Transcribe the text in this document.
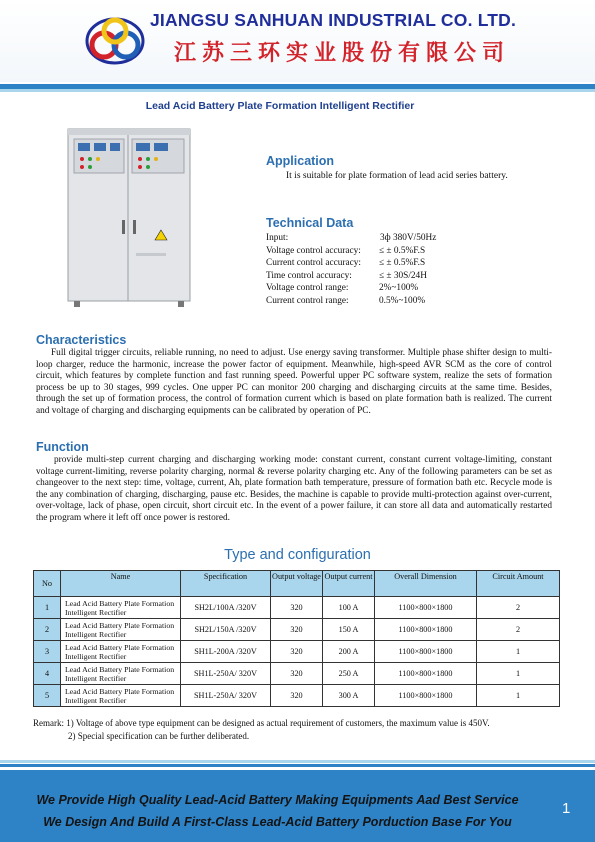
JIANGSU SANHUAN INDUSTRIAL CO. LTD.
江苏三环实业股份有限公司
Lead Acid Battery Plate Formation Intelligent Rectifier
Application
It is suitable for plate formation of lead acid series battery.
Technical Data
Input:	3ф 380V/50Hz
Voltage control accuracy: ≤ ± 0.5%F.S
Current control accuracy: ≤ ± 0.5%F.S
Time control accuracy:	≤ ± 30S/24H
Voltage control range:	2%~100%
Current control range:	0.5%~100%
Characteristics
Full digital trigger circuits, reliable running, no need to adjust. Use energy saving transformer. Multiple phase shifter design to multi-loop charger, reduce the harmonic, increase the power factor of equipment. Meanwhile, high-speed AVR SCM as the core of control circuit, which features by complete function and fast running speed. Powerful upper PC software system, realize the sets of formation process be up to 30 stages, 999 cycles. One upper PC can monitor 200 charging and discharging circuits at the same time. Besides, through the set up of formation process, the control of formation current which is based on plate formation bath is realized. The current and voltage of charging and discharging equipments can be calibrated by operation of PC.
Function
provide multi-step current charging and discharging working mode: constant current, constant current voltage-limiting, constant voltage current-limiting, reverse polarity charging, normal & reverse polarity charging etc. Any of the following parameters can be set as changeover to the next step: time, voltage, current, Ah, plate formation bath temperature, pressure of formation bath etc. Recycle mode is the any combination of charging, discharging, pause etc. Besides, the machine is capable to provide multi-protection against over-current, over-voltage, lack of phase, open circuit, short circuit etc. In the event of a power failure, it can store all data and automatically restarted the program where it left off once power is restored.
Type and configuration
No	Name	Specification	Output voltage	Output current	Overall Dimension	Circuit Amount
1	Lead Acid Battery Plate Formation Intelligent Rectifier	SH2L/100A /320V	320	100 A	1100×800×1800	2
2	Lead Acid Battery Plate Formation Intelligent Rectifier	SH2L/150A /320V	320	150 A	1100×800×1800	2
3	Lead Acid Battery Plate Formation Intelligent Rectifier	SH1L-200A /320V	320	200 A	1100×800×1800	1
4	Lead Acid Battery Plate Formation Intelligent Rectifier	SH1L-250A/ 320V	320	250 A	1100×800×1800	1
5	Lead Acid Battery Plate Formation Intelligent Rectifier	SH1L-250A/ 320V	320	300 A	1100×800×1800	1
Remark: 1) Voltage of above type equipment can be designed as actual requirement of customers, the maximum value is 450V.
2) Special specification can be further deliberated.
We Provide High Quality Lead-Acid Battery Making Equipments Aad Best Service
We Design And Build A First-Class Lead-Acid Battery Porduction Base For You
1
